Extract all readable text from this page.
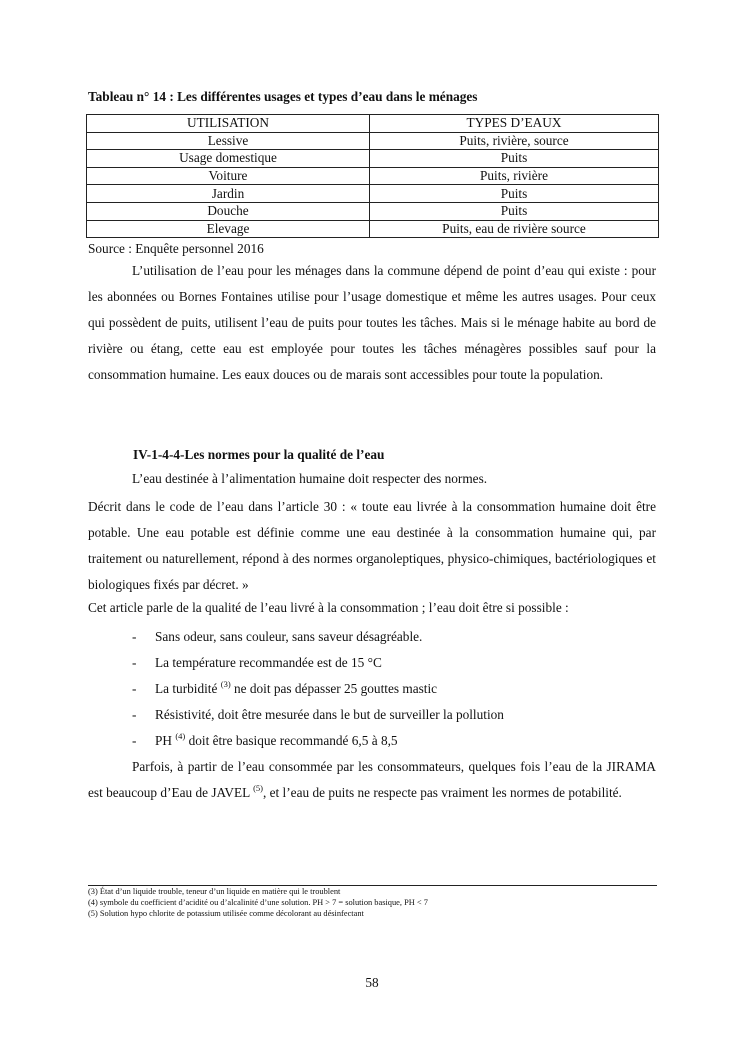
Tableau n° 14 : Les différentes usages et types d’eau dans le ménages
UTILISATION	TYPES D’EAUX
Lessive	Puits, rivière, source
Usage domestique	Puits
Voiture	Puits, rivière
Jardin	Puits
Douche	Puits
Elevage	Puits, eau de rivière source
Source : Enquête personnel 2016

L’utilisation de l’eau pour les ménages dans la commune dépend de point d’eau qui existe : pour les abonnées ou Bornes Fontaines utilise pour l’usage domestique et même les autres usages. Pour ceux qui possèdent de puits, utilisent l’eau de puits pour toutes les tâches. Mais si le ménage habite au bord de rivière ou étang, cette eau est employée pour toutes les tâches ménagères possibles sauf pour la consommation humaine. Les eaux douces ou de marais sont accessibles pour toute la population.

IV-1-4-4-Les normes pour la qualité de l’eau

L’eau destinée à l’alimentation humaine doit respecter des normes.

Décrit dans le code de l’eau dans l’article 30 : « toute eau livrée à la consommation humaine doit être potable. Une eau potable est définie comme une eau destinée à la consommation humaine qui, par traitement ou naturellement, répond à des normes organoleptiques, physico-chimiques, bactériologiques et biologiques fixés par décret. »

Cet article parle de la qualité de l’eau livré à la consommation ; l’eau doit être si possible :

- Sans odeur, sans couleur, sans saveur désagréable.
- La température recommandée est de 15 °C
- La turbidité $^{(3)}$ ne doit pas dépasser 25 gouttes mastic
- Résistivité, doit être mesurée dans le but de surveiller la pollution
- PH $^{(4)}$ doit être basique recommandé 6,5 à 8,5

Parfois, à partir de l’eau consommée par les consommateurs, quelques fois l’eau de la JIRAMA est beaucoup d’Eau de JAVEL $^{(5)}$, et l’eau de puits ne respecte pas vraiment les normes de potabilité.

(3) État d’un liquide trouble, teneur d’un liquide en matière qui le troublent
(4) symbole du coefficient d’acidité ou d’alcalinité d’une solution. PH > 7 = solution basique, PH < 7
(5) Solution hypo chlorite de potassium utilisée comme décolorant au désinfectant
58
